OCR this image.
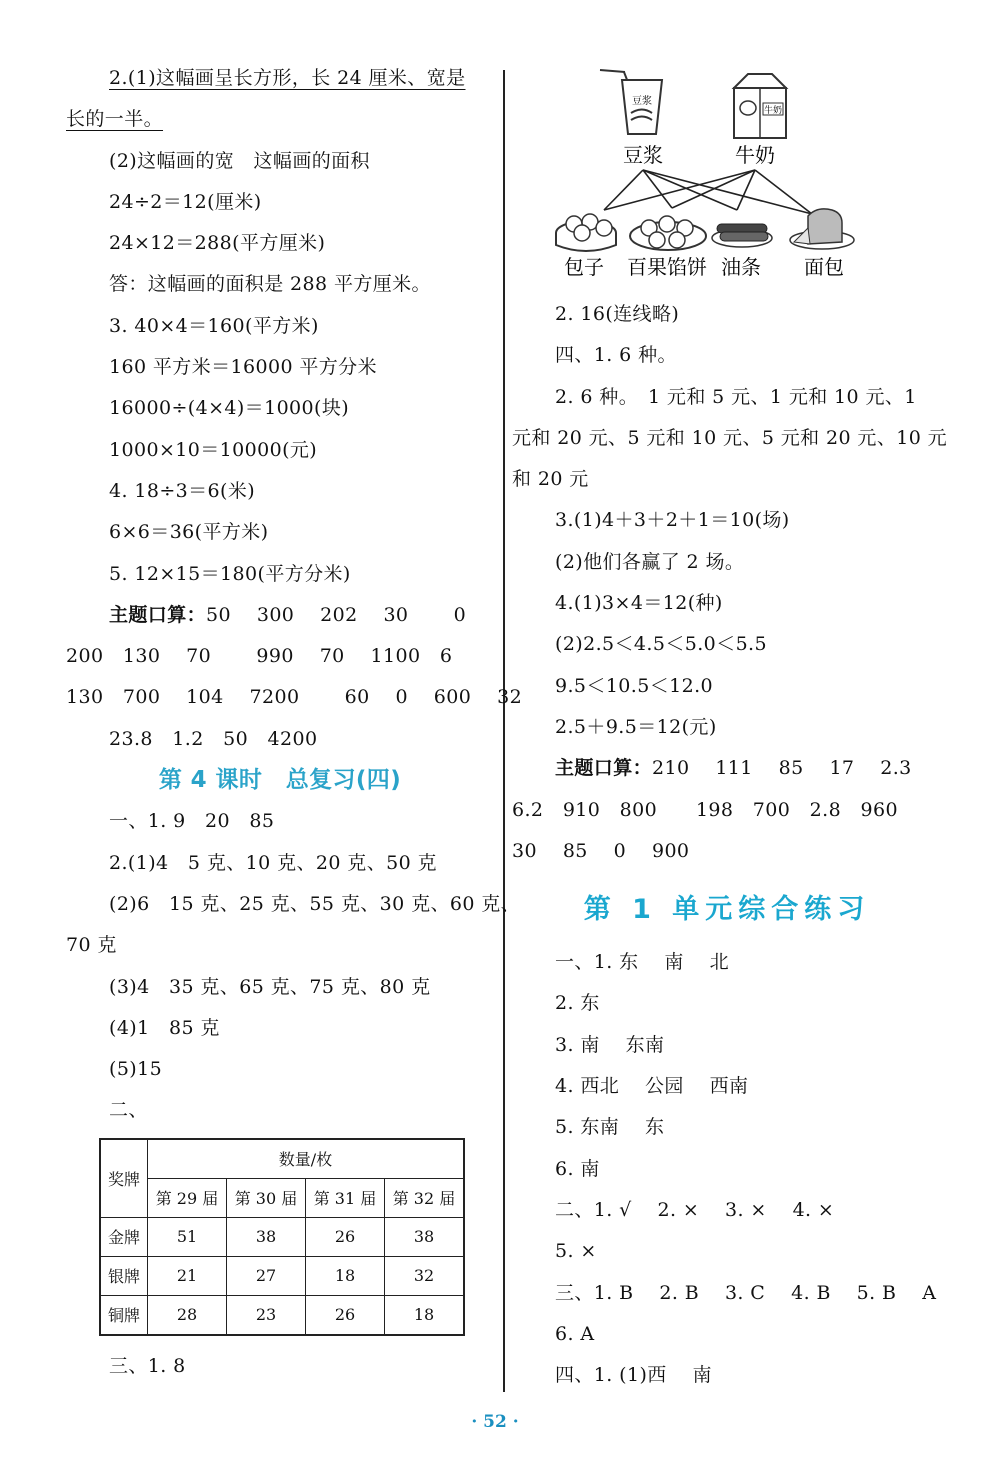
2.(1)这幅画呈长方形，长 24 厘米、宽是
长的一半。
(2)这幅画的宽　这幅画的面积
24÷2＝12(厘米)
24×12＝288(平方厘米)
答：这幅画的面积是 288 平方厘米。
3. 40×4＝160(平方米)
160 平方米＝16000 平方分米
16000÷(4×4)＝1000(块)
1000×10＝10000(元)
4. 18÷3＝6(米)
6×6＝36(平方米)
5. 12×15＝180(平方分米)
主题口算：50　 300　 202　 30　　 0
200　130　 70　　 990　 70　 1100　6
130　700　 104　 7200　　 60　 0　 600　 32
23.8　1.2　50　4200
第 4 课时　总复习(四)
一、1. 9　20　85
2.(1)4　5 克、10 克、20 克、50 克
(2)6　15 克、25 克、55 克、30 克、60 克、
70 克
(3)4　35 克、65 克、75 克、80 克
(4)1　85 克
(5)15
二、
奖牌	数量/枚			
	第 29 届	第 30 届	第 31 届	第 32 届
金牌	51	38	26	38
银牌	21	27	18	32
铜牌	28	23	26	18
三、1. 8
豆浆
牛奶
豆浆	牛奶
包子 百果馅饼 油条 面包
2. 16(连线略)
四、1. 6 种。
2. 6 种。　1 元和 5 元、1 元和 10 元、1
元和 20 元、5 元和 10 元、5 元和 20 元、10 元
和 20 元
3.(1)4＋3＋2＋1＝10(场)
(2)他们各赢了 2 场。
4.(1)3×4＝12(种)
(2)2.5＜4.5＜5.0＜5.5
9.5＜10.5＜12.0
2.5＋9.5＝12(元)
主题口算：210　 111　 85　 17　 2.3
6.2　910　800　　198　700　2.8　960
30　 85　 0　 900
第 1 单元综合练习
一、1. 东　 南　 北
2. 东
3. 南　 东南
4. 西北　 公园　 西南
5. 东南　 东
6. 南
二、1. √　 2. ×　 3. ×　 4. ×
5. ×
三、1. B　 2. B　 3. C　 4. B　 5. B　 A
6. A
四、1. (1)西　 南
· 52 ·
